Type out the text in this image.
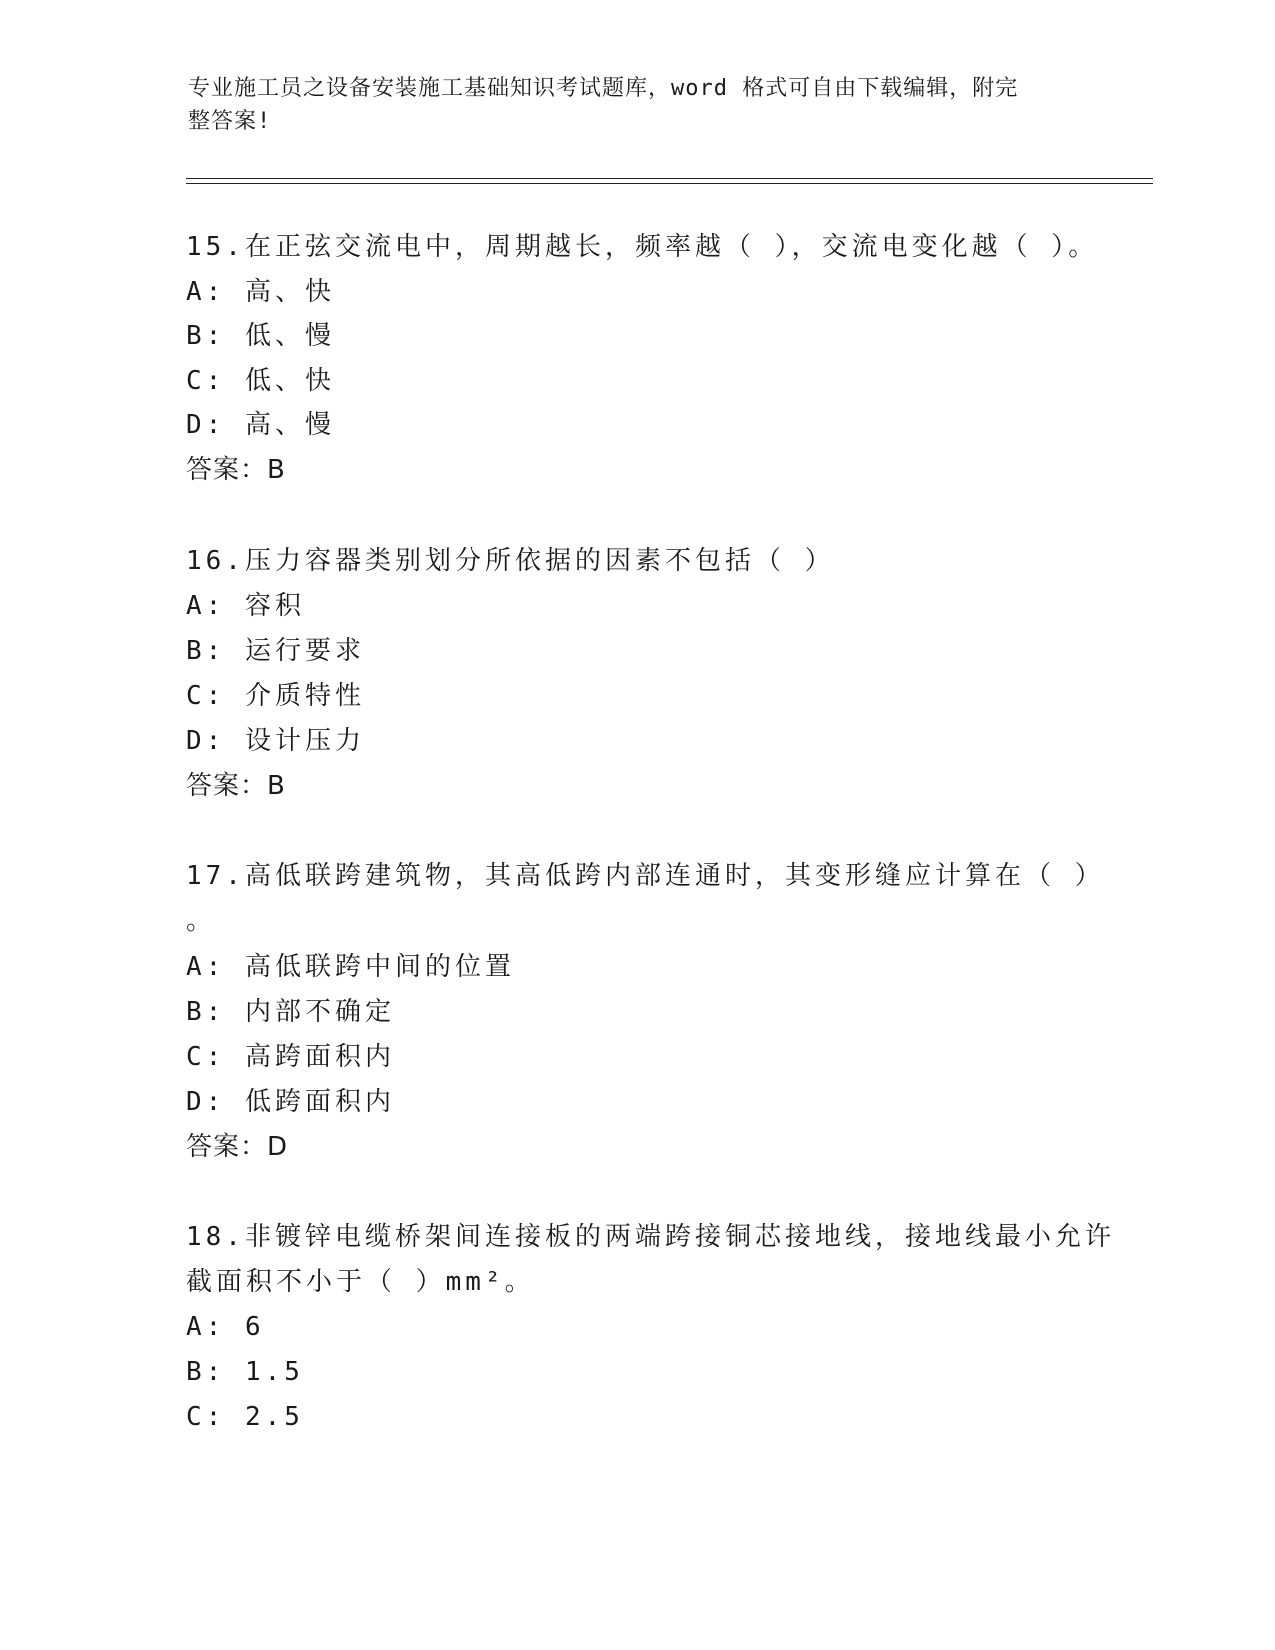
专业施工员之设备安装施工基础知识考试题库，word 格式可自由下载编辑，附完
整答案!
15.在正弦交流电中，周期越长，频率越（ ），交流电变化越（ ）。
A: 高、快
B: 低、慢
C: 低、快
D: 高、慢
答案：B
16.压力容器类别划分所依据的因素不包括（ ）
A: 容积
B: 运行要求
C: 介质特性
D: 设计压力
答案：B
17.高低联跨建筑物，其高低跨内部连通时，其变形缝应计算在（ ）
。
A: 高低联跨中间的位置
B: 内部不确定
C: 高跨面积内
D: 低跨面积内
答案：D
18.非镀锌电缆桥架间连接板的两端跨接铜芯接地线，接地线最小允许
截面积不小于（ ）mm²。
A: 6
B: 1.5
C: 2.5
